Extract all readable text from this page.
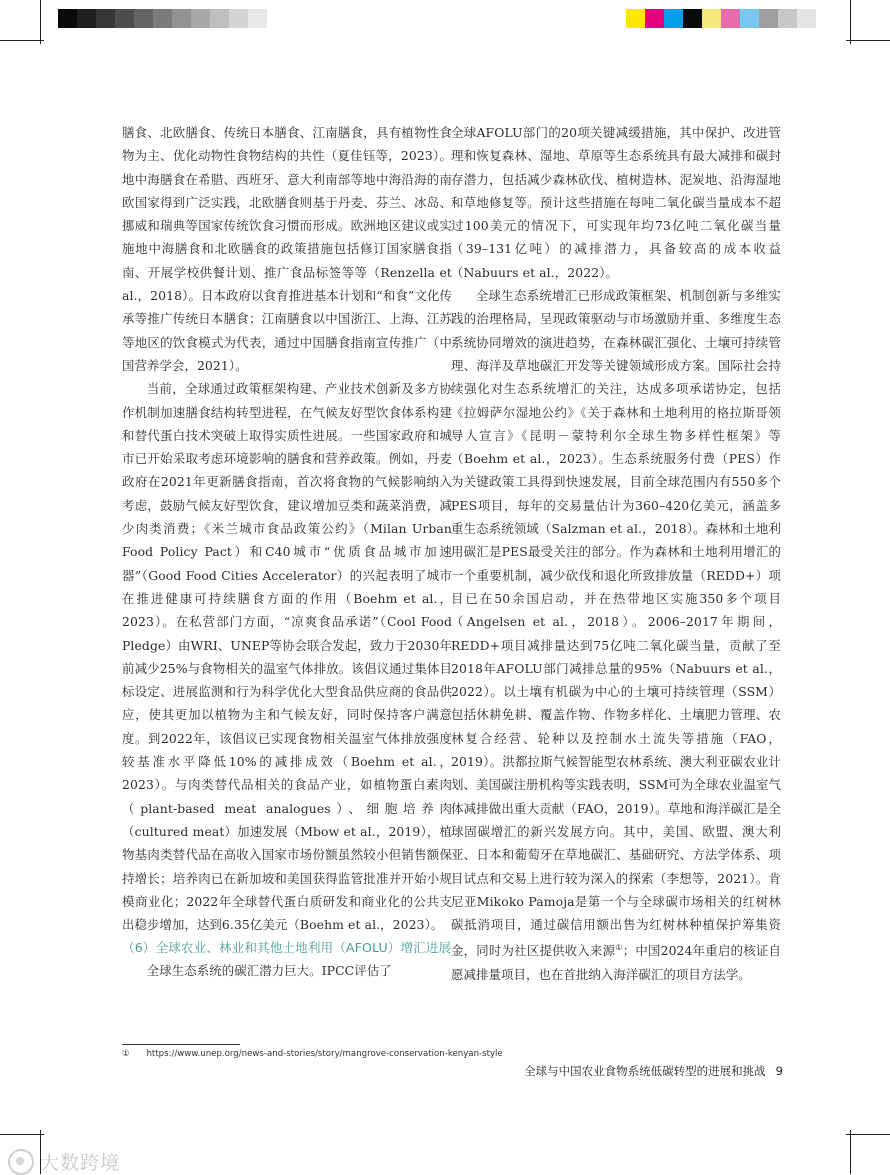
膳食、北欧膳食、传统日本膳食、江南膳食，具有植物性食物为主、优化动物性食物结构的共性（夏佳钰等，2023）。地中海膳食在希腊、西班牙、意大利南部等地中海沿海的南欧国家得到广泛实践，北欧膳食则基于丹麦、芬兰、冰岛、挪威和瑞典等国家传统饮食习惯而形成。欧洲地区建议或实施地中海膳食和北欧膳食的政策措施包括修订国家膳食指南、开展学校供餐计划、推广食品标签等等（Renzella et al.，2018）。日本政府以食育推进基本计划和“和食”文化传承等推广传统日本膳食；江南膳食以中国浙江、上海、江苏等地区的饮食模式为代表，通过中国膳食指南宣传推广（中国营养学会，2021）。

当前，全球通过政策框架构建、产业技术创新及多方协作机制加速膳食结构转型进程，在气候友好型饮食体系构建和替代蛋白技术突破上取得实质性进展。一些国家政府和城市已开始采取考虑环境影响的膳食和营养政策。例如，丹麦政府在2021年更新膳食指南，首次将食物的气候影响纳入考虑，鼓励气候友好型饮食，建议增加豆类和蔬菜消费，减少肉类消费；《米兰城市食品政策公约》（Milan Urban Food Policy Pact）和C40城市“优质食品城市加速器”（Good Food Cities Accelerator）的兴起表明了城市在推进健康可持续膳食方面的作用（Boehm et al.，2023）。在私营部门方面，“凉爽食品承诺”（Cool Food Pledge）由WRI、UNEP等协会联合发起，致力于2030年前减少25%与食物相关的温室气体排放。该倡议通过集体目标设定、进展监测和行为科学优化大型食品供应商的食品供应，使其更加以植物为主和气候友好，同时保持客户满意度。到2022年，该倡议已实现食物相关温室气体排放强度较基准水平降低10%的减排成效（Boehm et al.，2023）。与肉类替代品相关的食品产业，如植物蛋白素肉（plant-based meat analogues）、细胞培养肉（cultured meat）加速发展（Mbow et al.，2019），植物基肉类替代品在高收入国家市场份额虽然较小但销售额保持增长；培养肉已在新加坡和美国获得监管批准并开始小规模商业化；2022年全球替代蛋白质研发和商业化的公共支出稳步增加，达到6.35亿美元（Boehm et al.，2023）。

（6）全球农业、林业和其他土地利用（AFOLU）增汇进展

全球生态系统的碳汇潜力巨大。IPCC评估了

全球AFOLU部门的20项关键减缓措施，其中保护、改进管理和恢复森林、湿地、草原等生态系统具有最大减排和碳封存潜力，包括减少森林砍伐、植树造林、泥炭地、沿海湿地和草地修复等。预计这些措施在每吨二氧化碳当量成本不超过100美元的情况下，可实现年均73亿吨二氧化碳当量（39–131亿吨）的减排潜力，具备较高的成本收益（Nabuurs et al.，2022）。

全球生态系统增汇已形成政策框架、机制创新与多维实践的治理格局，呈现政策驱动与市场激励并重、多维度生态系统协同增效的演进趋势，在森林碳汇强化、土壤可持续管理、海洋及草地碳汇开发等关键领域形成方案。国际社会持续强化对生态系统增汇的关注，达成多项承诺协定，包括《拉姆萨尔湿地公约》《关于森林和土地利用的格拉斯哥领导人宣言》《昆明－蒙特利尔全球生物多样性框架》等（Boehm et al.，2023）。生态系统服务付费（PES）作为关键政策工具得到快速发展，目前全球范围内有550多个PES项目，每年的交易量估计为360–420亿美元，涵盖多重生态系统领域（Salzman et al.，2018）。森林和土地利用碳汇是PES最受关注的部分。作为森林和土地利用增汇的一个重要机制，减少砍伐和退化所致排放量（REDD+）项目已在50余国启动，并在热带地区实施350多个项目（Angelsen et al.，2018）。2006–2017年期间，REDD+项目减排量达到75亿吨二氧化碳当量，贡献了至2018年AFOLU部门减排总量的95%（Nabuurs et al.，2022）。以土壤有机碳为中心的土壤可持续管理（SSM）包括休耕免耕、覆盖作物、作物多样化、土壤肥力管理、农林复合经营、轮种以及控制水土流失等措施（FAO，2019）。洪都拉斯气候智能型农林系统、澳大利亚碳农业计划、美国碳注册机构等实践表明，SSM可为全球农业温室气体减排做出重大贡献（FAO，2019）。草地和海洋碳汇是全球固碳增汇的新兴发展方向。其中，美国、欧盟、澳大利亚、日本和葡萄牙在草地碳汇、基础研究、方法学体系、项目试点和交易上进行较为深入的探索（李想等，2021）。肯尼亚Mikoko Pamoja是第一个与全球碳市场相关的红树林碳抵消项目，通过碳信用额出售为红树林种植保护筹集资金，同时为社区提供收入来源①；中国2024年重启的核证自愿减排量项目，也在首批纳入海洋碳汇的项目方法学。

① https://www.unep.org/news-and-stories/story/mangrove-conservation-kenyan-style
全球与中国农业食物系统低碳转型的进展和挑战 9
大数跨境
